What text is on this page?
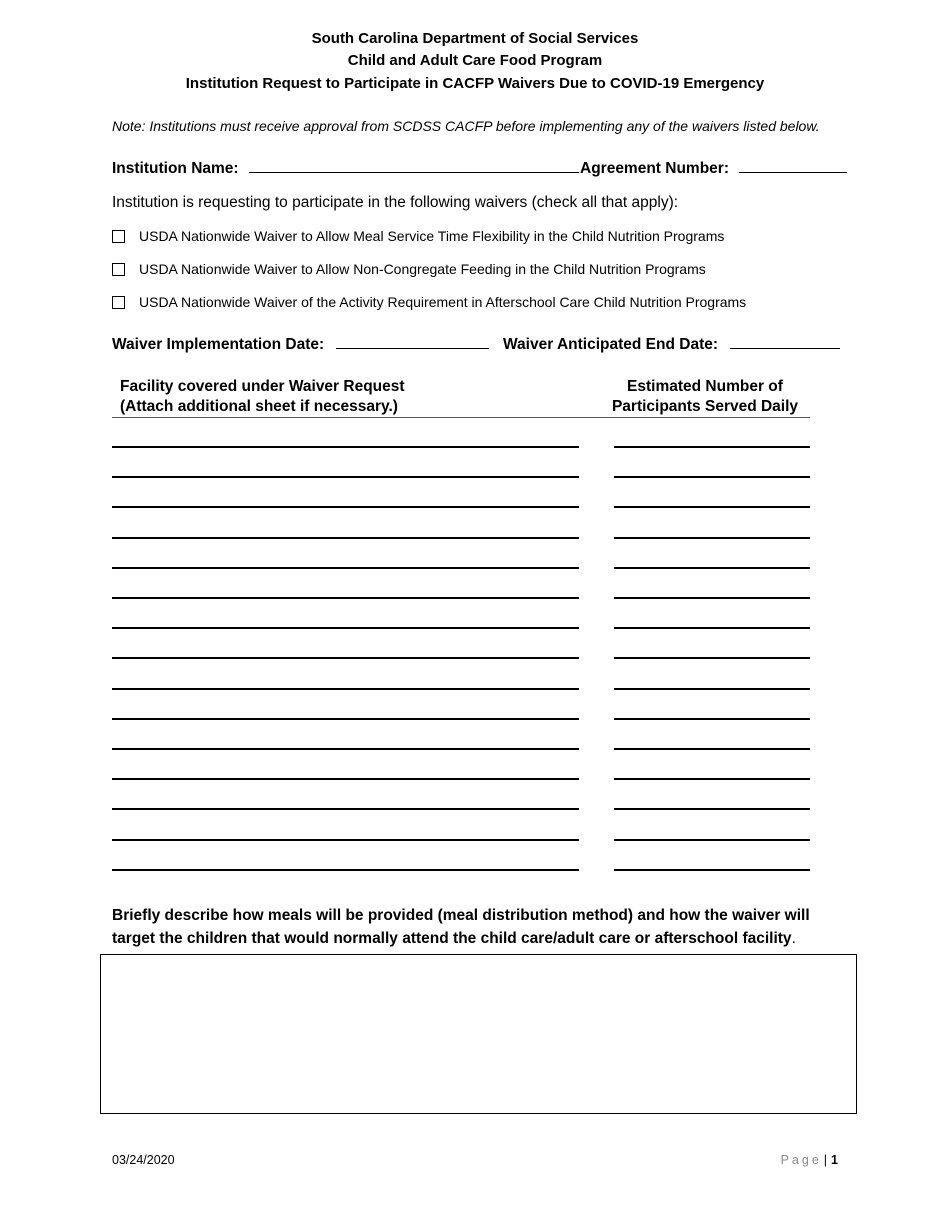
South Carolina Department of Social Services
Child and Adult Care Food Program
Institution Request to Participate in CACFP Waivers Due to COVID-19 Emergency
Note: Institutions must receive approval from SCDSS CACFP before implementing any of the waivers listed below.
Institution Name:	Agreement Number:
Institution is requesting to participate in the following waivers (check all that apply):
USDA Nationwide Waiver to Allow Meal Service Time Flexibility in the Child Nutrition Programs
USDA Nationwide Waiver to Allow Non-Congregate Feeding in the Child Nutrition Programs
USDA Nationwide Waiver of the Activity Requirement in Afterschool Care Child Nutrition Programs
Waiver Implementation Date:	Waiver Anticipated End Date:
Facility covered under Waiver Request
(Attach additional sheet if necessary.)
Estimated Number of
Participants Served Daily
Briefly describe how meals will be provided (meal distribution method) and how the waiver will target the children that would normally attend the child care/adult care or afterschool facility.
03/24/2020	Page | 1
